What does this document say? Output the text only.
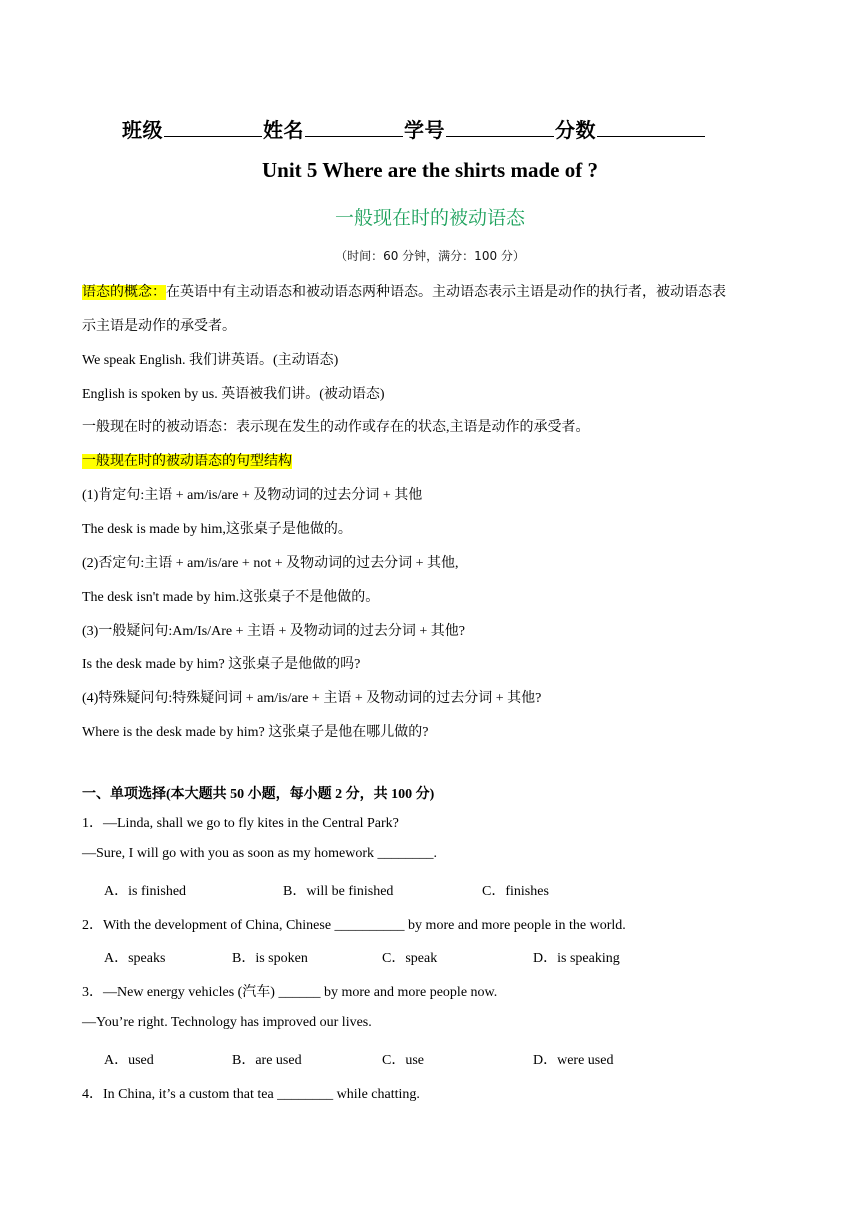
班级	姓名	学号	分数
Unit 5 Where are the shirts made of ?
一般现在时的被动语态
（时间：60 分钟，满分：100 分）
语态的概念：在英语中有主动语态和被动语态两种语态。主动语态表示主语是动作的执行者，被动语态表
示主语是动作的承受者。
We speak English. 我们讲英语。(主动语态)
English is spoken by us. 英语被我们讲。(被动语态)
一般现在时的被动语态：表示现在发生的动作或存在的状态,主语是动作的承受者。
一般现在时的被动语态的句型结构
(1)肯定句:主语 + am/is/are + 及物动词的过去分词 + 其他
The desk is made by him,这张桌子是他做的。
(2)否定句:主语 + am/is/are + not + 及物动词的过去分词 + 其他,
The desk isn't made by him.这张桌子不是他做的。
(3)一般疑问句:Am/Is/Are + 主语 + 及物动词的过去分词 + 其他?
Is the desk made by him? 这张桌子是他做的吗?
(4)特殊疑问句:特殊疑问词 + am/is/are + 主语 + 及物动词的过去分词 + 其他?
Where is the desk made by him? 这张桌子是他在哪儿做的?
一、单项选择(本大题共 50 小题，每小题 2 分，共 100 分)
1．—Linda, shall we go to fly kites in the Central Park?
—Sure, I will go with you as soon as my homework ________.
A．is finished	B．will be finished	C．finishes
2．With the development of China, Chinese __________ by more and more people in the world.
A．speaks	B．is spoken	C．speak	D．is speaking
3．—New energy vehicles (汽车) ______ by more and more people now.
—You’re right. Technology has improved our lives.
A．used	B．are used	C．use	D．were used
4．In China, it’s a custom that tea ________ while chatting.
